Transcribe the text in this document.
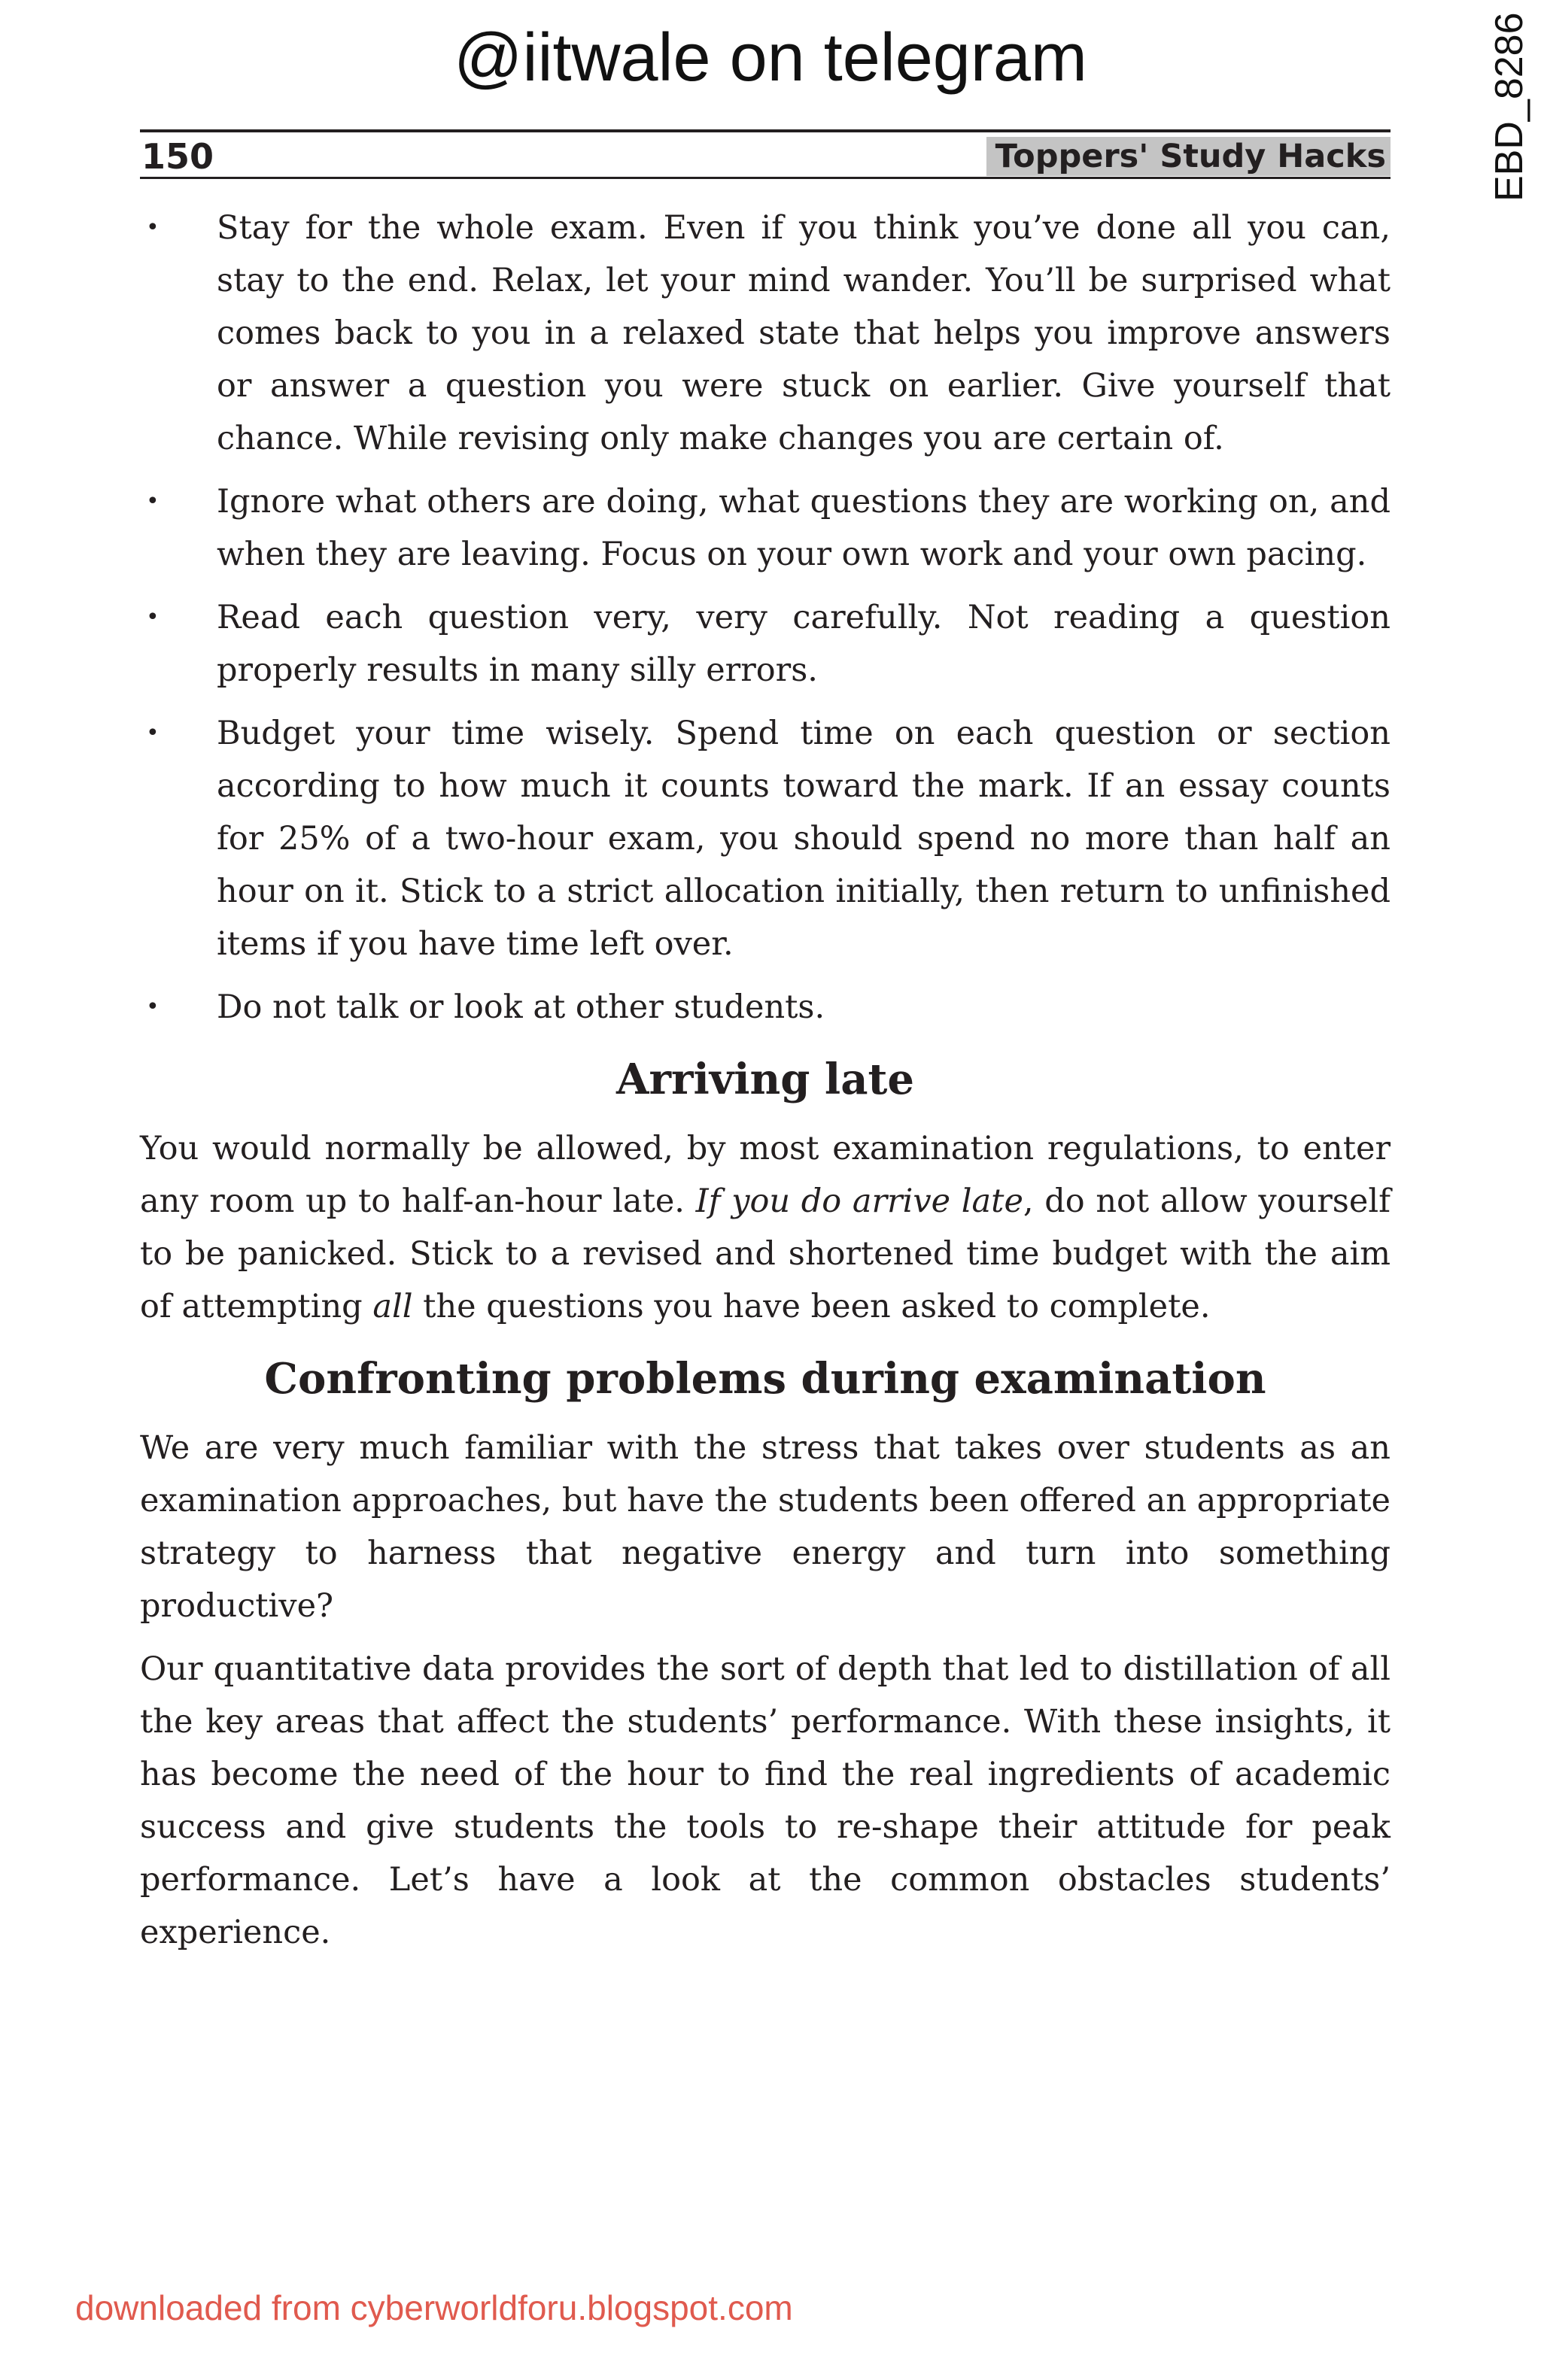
@iitwale on telegram	EBD_8286
150	Toppers' Study Hacks
• Stay for the whole exam. Even if you think you’ve done all you can, stay to the end. Relax, let your mind wander. You’ll be surprised what comes back to you in a relaxed state that helps you improve answers or answer a question you were stuck on earlier. Give yourself that chance. While revising only make changes you are certain of.
• Ignore what others are doing, what questions they are working on, and when they are leaving. Focus on your own work and your own pacing.
• Read each question very, very carefully. Not reading a question properly results in many silly errors.
• Budget your time wisely. Spend time on each question or section according to how much it counts toward the mark. If an essay counts for 25% of a two-hour exam, you should spend no more than half an hour on it. Stick to a strict allocation initially, then return to unfinished items if you have time left over.
• Do not talk or look at other students.
Arriving late

You would normally be allowed, by most examination regulations, to enter any room up to half-an-hour late. If you do arrive late, do not allow yourself to be panicked. Stick to a revised and shortened time budget with the aim of attempting all the questions you have been asked to complete.

Confronting problems during examination

We are very much familiar with the stress that takes over students as an examination approaches, but have the students been offered an appropriate strategy to harness that negative energy and turn into something productive?

Our quantitative data provides the sort of depth that led to distillation of all the key areas that affect the students’ performance. With these insights, it has become the need of the hour to find the real ingredients of academic success and give students the tools to re-shape their attitude for peak performance. Let’s have a look at the common obstacles students’ experience.

downloaded from cyberworldforu.blogspot.com
